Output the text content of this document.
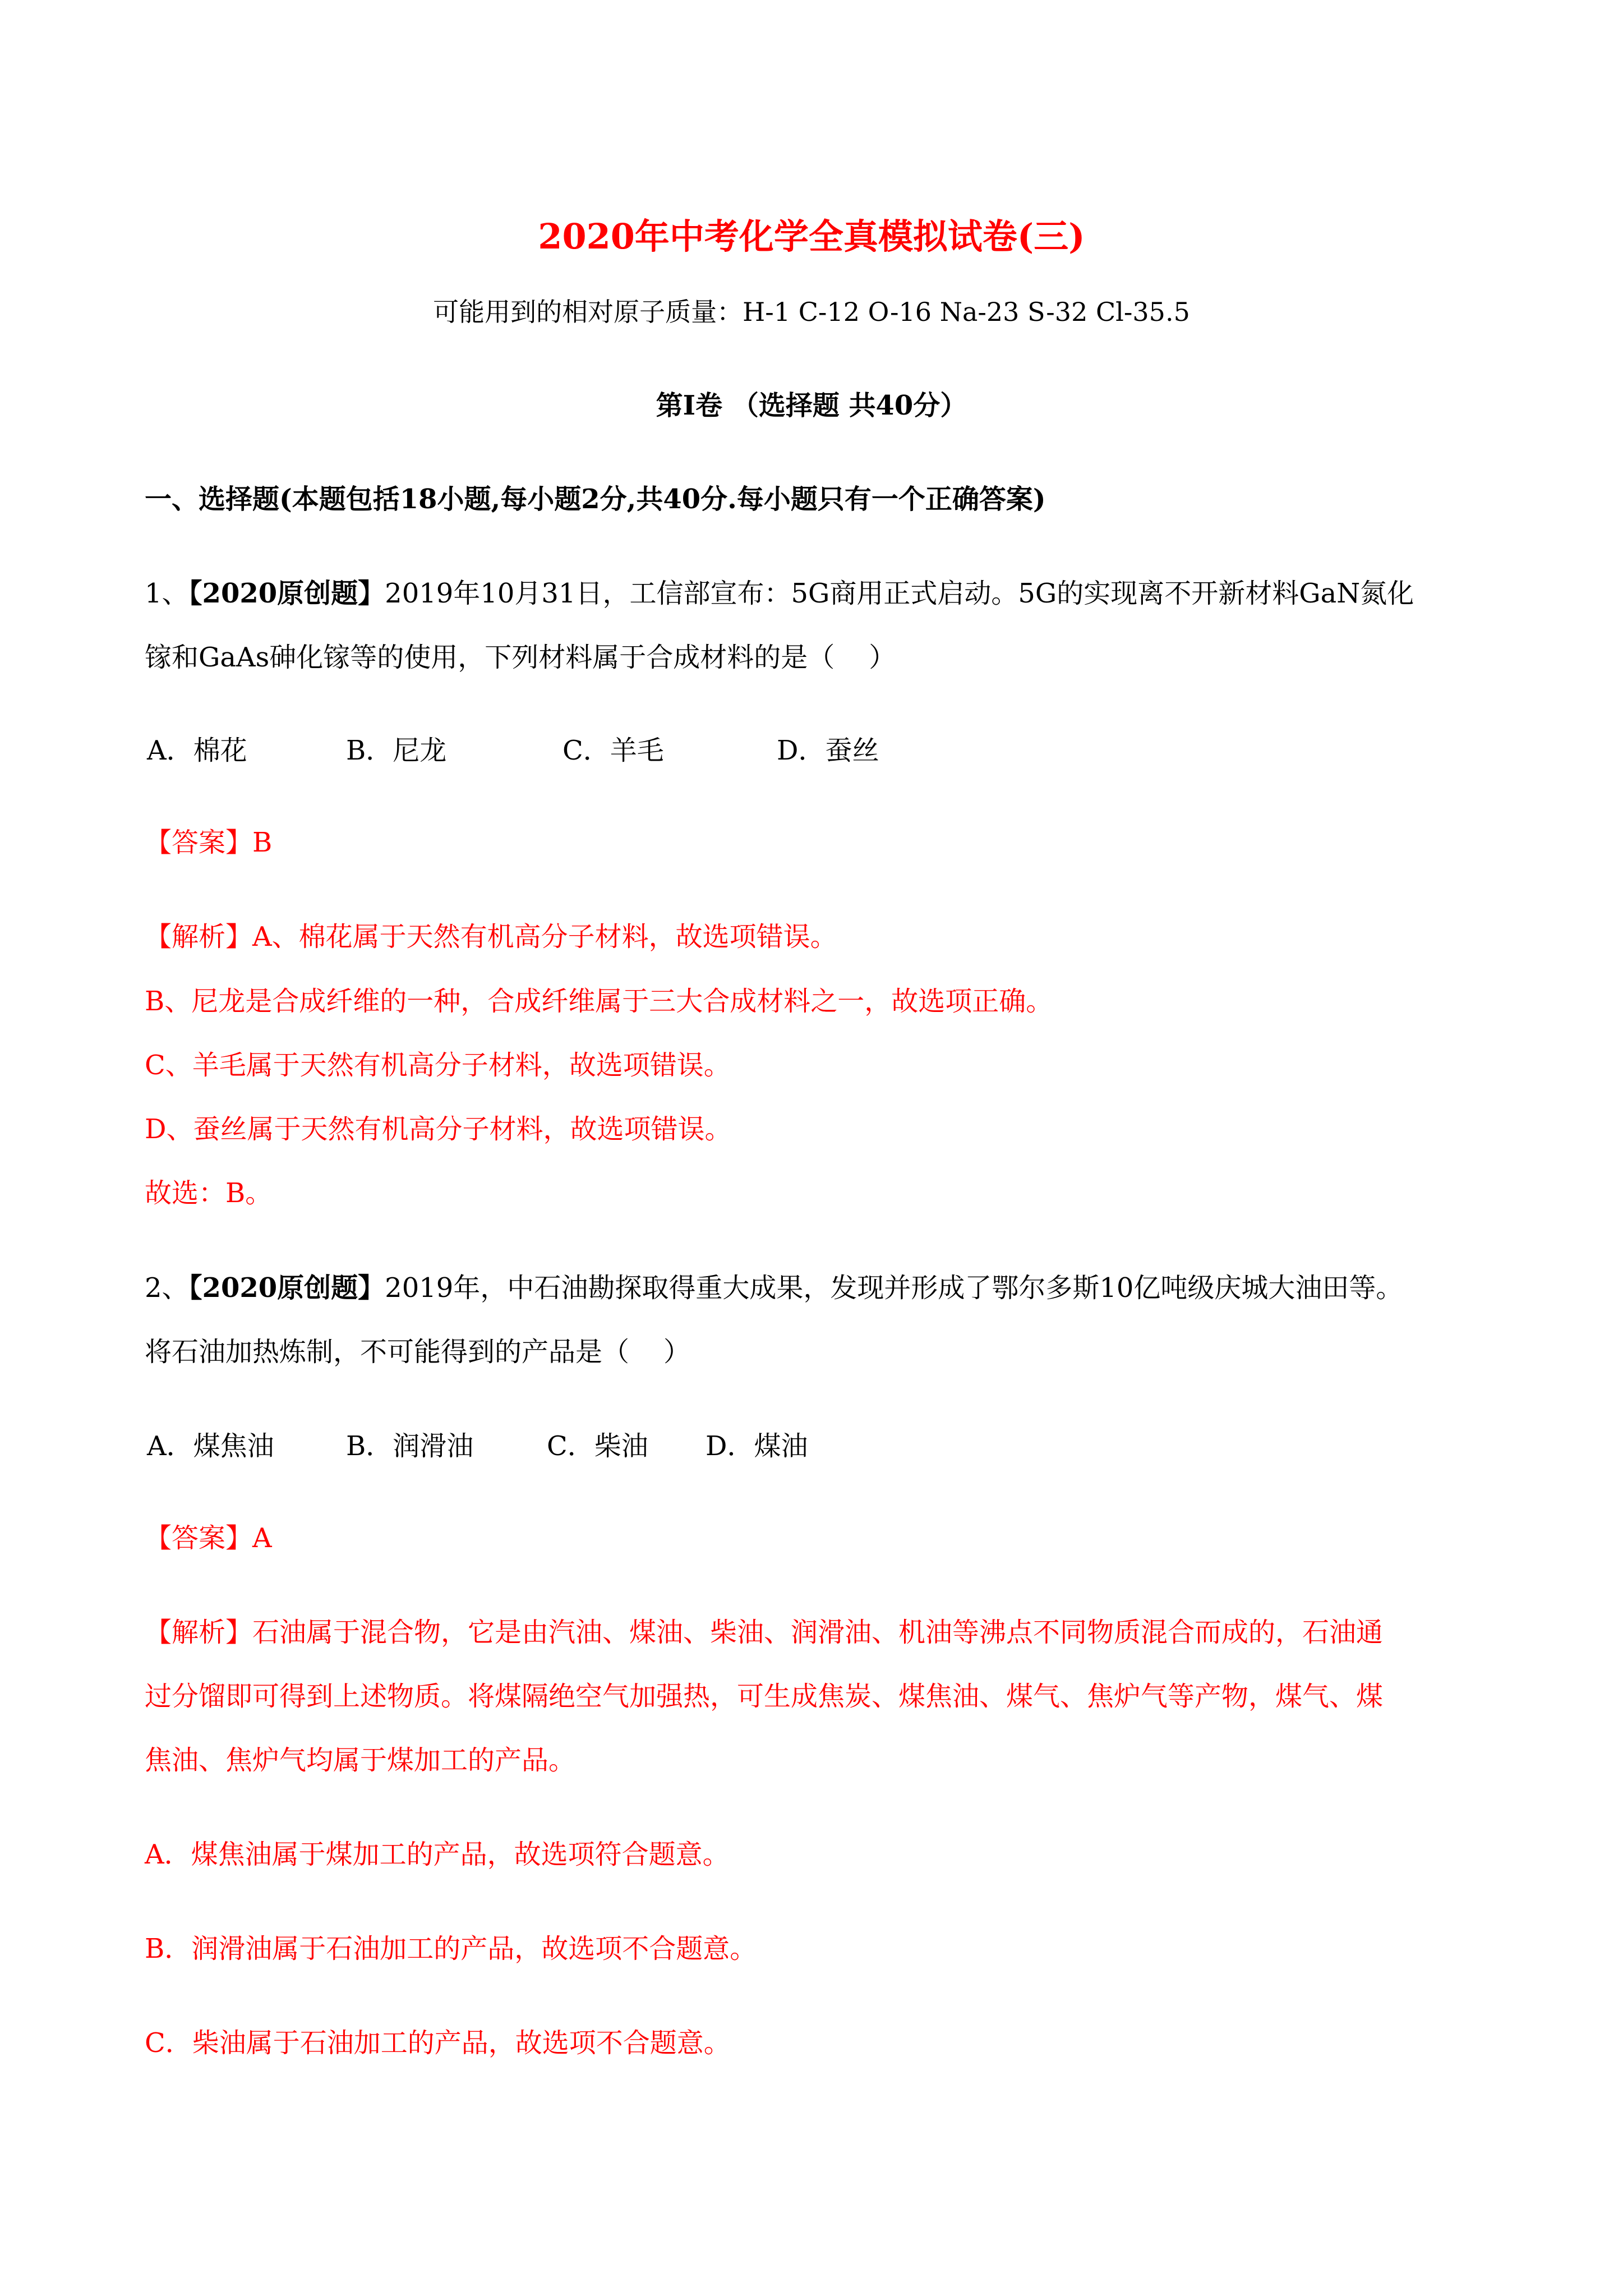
2020年中考化学全真模拟试卷(三)

可能用到的相对原子质量：H-1 C-12 O-16 Na-23 S-32 Cl-35.5

第Ⅰ卷 （选择题 共40分）

一、选择题(本题包括18小题,每小题2分,共40分.每小题只有一个正确答案)

1、【2020原创题】2019年10月31日，工信部宣布：5G商用正式启动。5G的实现离不开新材料GaN氮化

镓和GaAs砷化镓等的使用，下列材料属于合成材料的是（    ）

A．棉花	B．尼龙	C．羊毛	D．蚕丝

【答案】B

【解析】A、棉花属于天然有机高分子材料，故选项错误。

B、尼龙是合成纤维的一种，合成纤维属于三大合成材料之一，故选项正确。

C、羊毛属于天然有机高分子材料，故选项错误。

D、蚕丝属于天然有机高分子材料，故选项错误。

故选：B。

2、【2020原创题】2019年，中石油勘探取得重大成果，发现并形成了鄂尔多斯10亿吨级庆城大油田等。

将石油加热炼制，不可能得到的产品是（    ）

A．煤焦油	B．润滑油	C．柴油 D．煤油

【答案】A

【解析】石油属于混合物，它是由汽油、煤油、柴油、润滑油、机油等沸点不同物质混合而成的，石油通

过分馏即可得到上述物质。将煤隔绝空气加强热，可生成焦炭、煤焦油、煤气、焦炉气等产物，煤气、煤

焦油、焦炉气均属于煤加工的产品。

A．煤焦油属于煤加工的产品，故选项符合题意。

B．润滑油属于石油加工的产品，故选项不合题意。

C．柴油属于石油加工的产品，故选项不合题意。
